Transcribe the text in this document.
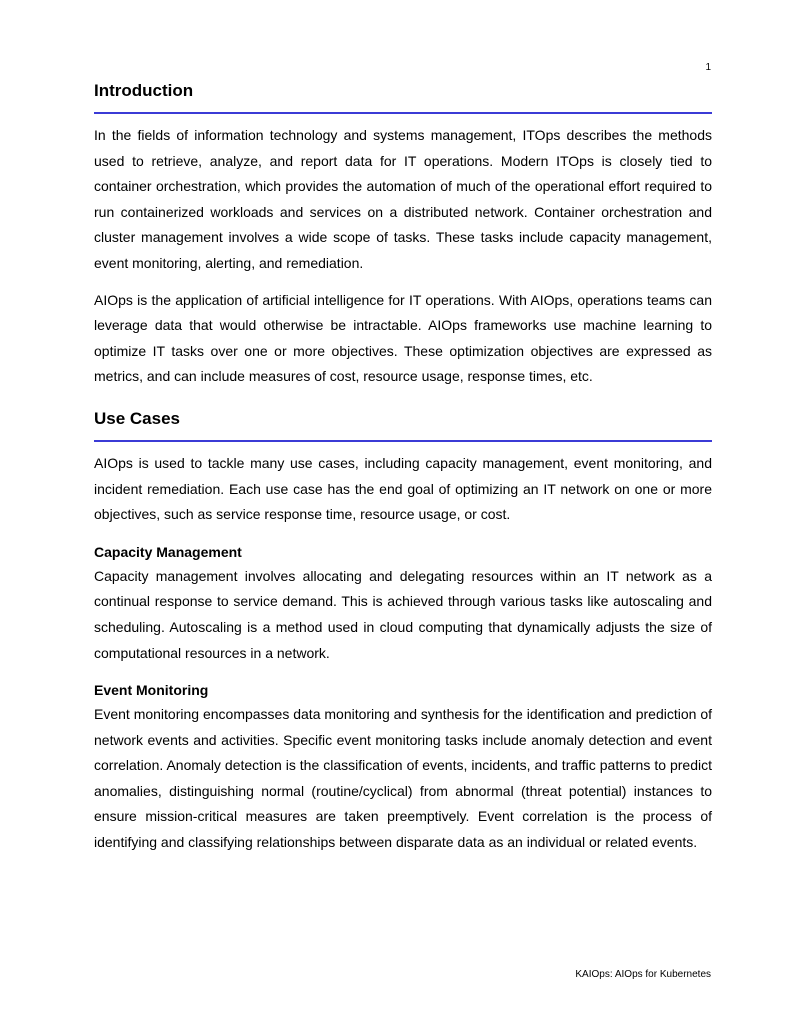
1
Introduction

In the fields of information technology and systems management, ITOps describes the methods used to retrieve, analyze, and report data for IT operations. Modern ITOps is closely tied to container orchestration, which provides the automation of much of the operational effort required to run containerized workloads and services on a distributed network. Container orchestration and cluster management involves a wide scope of tasks. These tasks include capacity management, event monitoring, alerting, and remediation.

AIOps is the application of artificial intelligence for IT operations. With AIOps, operations teams can leverage data that would otherwise be intractable. AIOps frameworks use machine learning to optimize IT tasks over one or more objectives. These optimization objectives are expressed as metrics, and can include measures of cost, resource usage, response times, etc.

Use Cases

AIOps is used to tackle many use cases, including capacity management, event monitoring, and incident remediation. Each use case has the end goal of optimizing an IT network on one or more objectives, such as service response time, resource usage, or cost.

Capacity Management

Capacity management involves allocating and delegating resources within an IT network as a continual response to service demand. This is achieved through various tasks like autoscaling and scheduling. Autoscaling is a method used in cloud computing that dynamically adjusts the size of computational resources in a network.

Event Monitoring

Event monitoring encompasses data monitoring and synthesis for the identification and prediction of network events and activities. Specific event monitoring tasks include anomaly detection and event correlation. Anomaly detection is the classification of events, incidents, and traffic patterns to predict anomalies, distinguishing normal (routine/cyclical) from abnormal (threat potential) instances to ensure mission-critical measures are taken preemptively. Event correlation is the process of identifying and classifying relationships between disparate data as an individual or related events.

KAIOps: AIOps for Kubernetes
